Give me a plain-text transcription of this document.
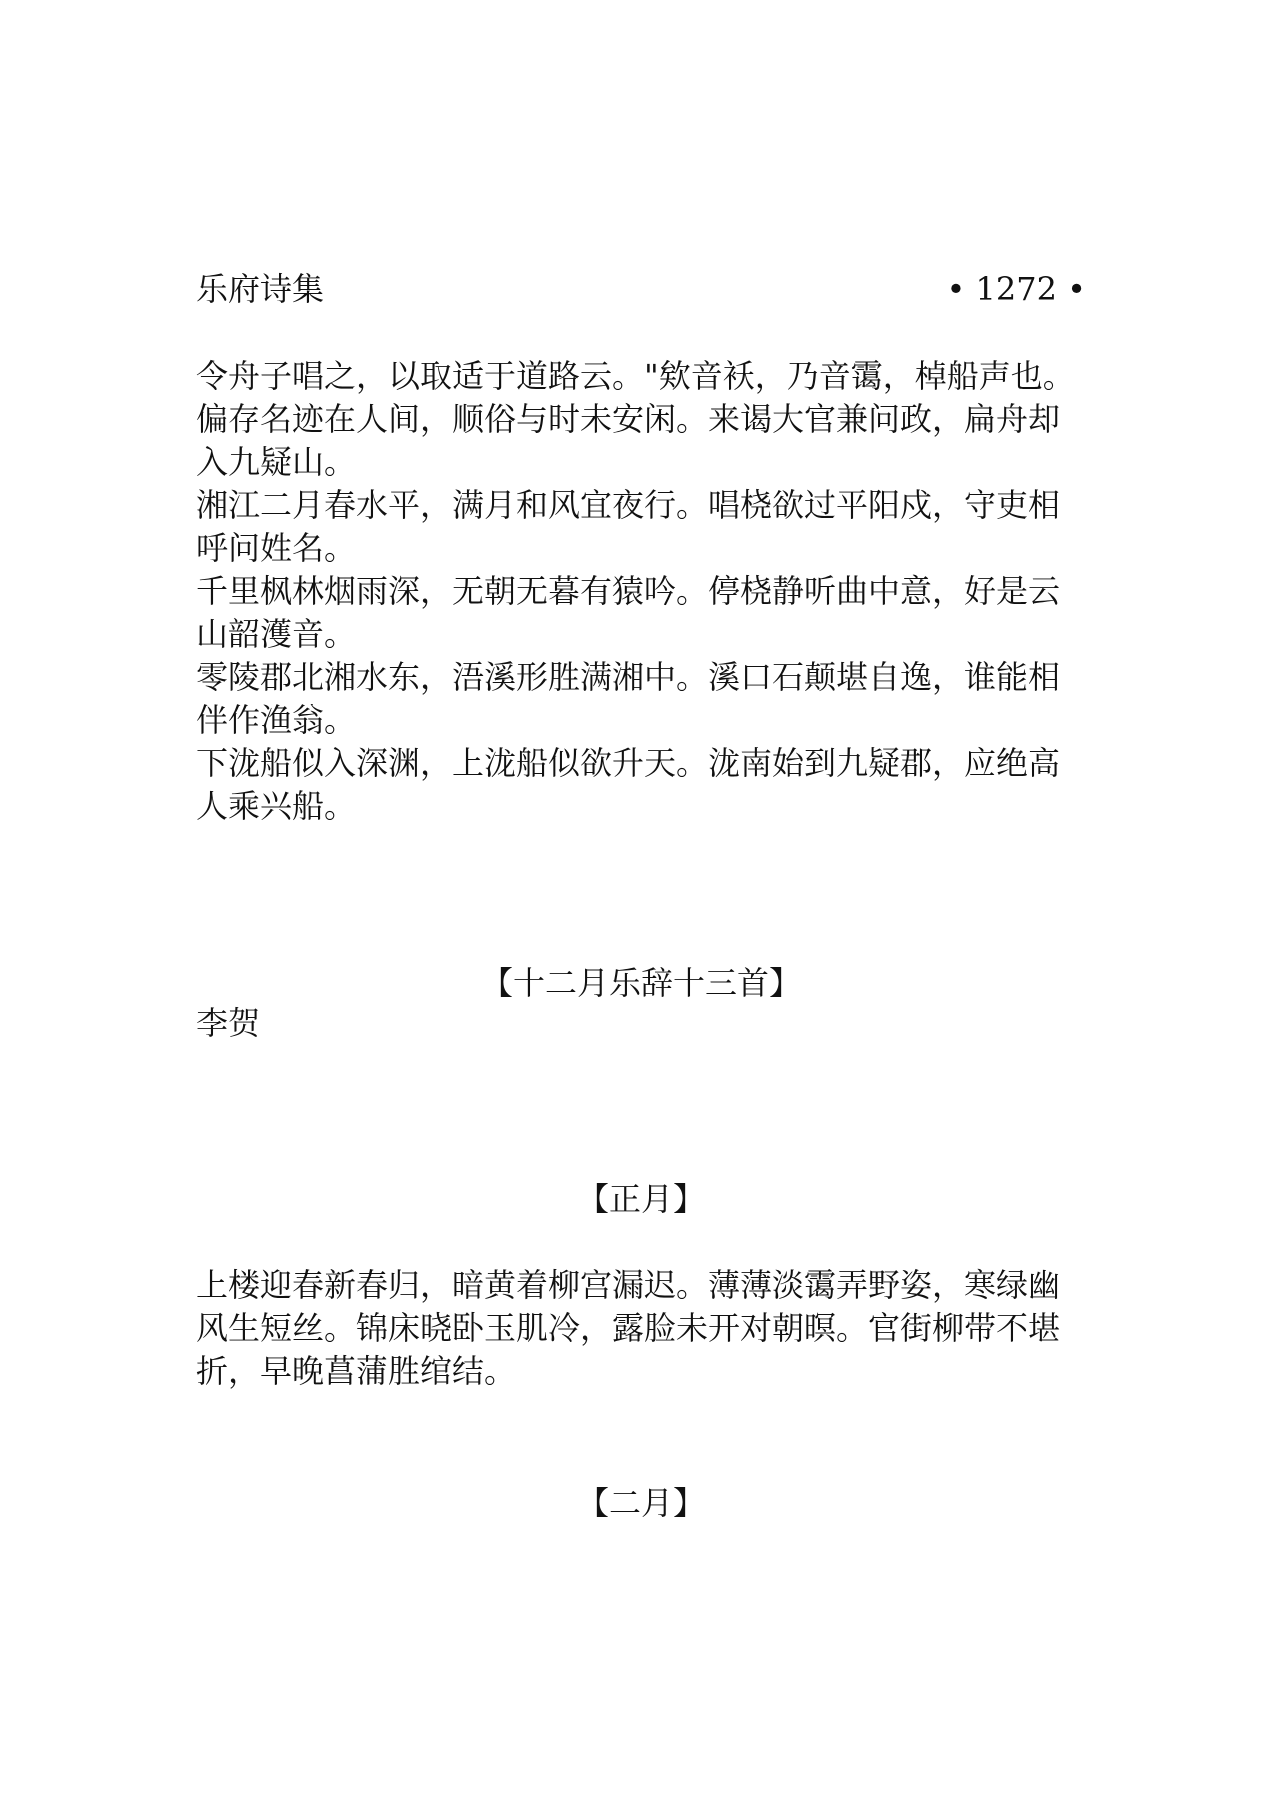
乐府诗集	• 1272 •
令舟子唱之，以取适于道路云。"欸音袄，乃音霭，棹船声也。
偏存名迹在人间，顺俗与时未安闲。来谒大官兼问政，扁舟却入九疑山。
湘江二月春水平，满月和风宜夜行。唱桡欲过平阳戍，守吏相呼问姓名。
千里枫林烟雨深，无朝无暮有猿吟。停桡静听曲中意，好是云山韶濩音。
零陵郡北湘水东，浯溪形胜满湘中。溪口石颠堪自逸，谁能相伴作渔翁。
下泷船似入深渊，上泷船似欲升天。泷南始到九疑郡，应绝高人乘兴船。
【十二月乐辞十三首】
李贺
【正月】
上楼迎春新春归，暗黄着柳宫漏迟。薄薄淡霭弄野姿，寒绿幽风生短丝。锦床晓卧玉肌冷，露脸未开对朝暝。官街柳带不堪折，早晚菖蒲胜绾结。
【二月】
